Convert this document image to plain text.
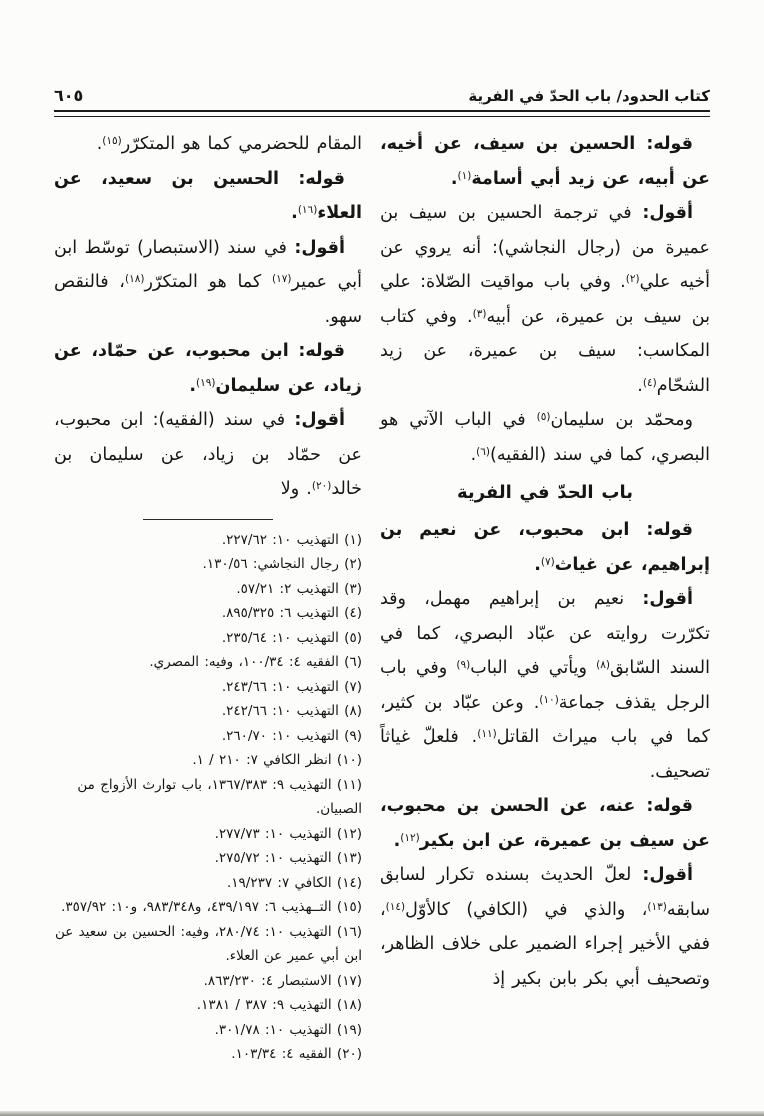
كتاب الحدود/ باب الحدّ في الفرية
٦٠٥

قوله: الحسين بن سيف، عن أخيه، عن أبيه، عن زيد أبي أسامة$^{(١)}$.

أقول: في ترجمة الحسين بن سيف بن عميرة من (رجال النجاشي): أنه يروي عن أخيه علي$^{(٢)}$. وفي باب مواقيت الصّلاة: علي بن سيف بن عميرة، عن أبيه$^{(٣)}$. وفي كتاب المكاسب: سيف بن عميرة، عن زيد الشحّام$^{(٤)}$.

ومحمّد بن سليمان$^{(٥)}$ في الباب الآتي هو البصري، كما في سند (الفقيه)$^{(٦)}$.

باب الحدّ في الفرية

قوله: ابن محبوب، عن نعيم بن إبراهيم، عن غياث$^{(٧)}$.

أقول: نعيم بن إبراهيم مهمل، وقد تكرّرت روايته عن عبّاد البصري، كما في السند السّابق$^{(٨)}$ ويأتي في الباب$^{(٩)}$ وفي باب الرجل يقذف جماعة$^{(١٠)}$. وعن عبّاد بن كثير، كما في باب ميراث القاتل$^{(١١)}$. فلعلّ غياثاً تصحيف.

قوله: عنه، عن الحسن بن محبوب، عن سيف بن عميرة، عن ابن بكير$^{(١٢)}$.

أقول: لعلّ الحديث بسنده تكرار لسابق سابقه$^{(١٣)}$، والذي في (الكافي) كالأوّل$^{(١٤)}$، ففي الأخير إجراء الضمير على خلاف الظاهر، وتصحيف أبي بكر بابن بكير إذ

المقام للحضرمي كما هو المتكرّر$^{(١٥)}$.

قوله: الحسين بن سعيد، عن العلاء$^{(١٦)}$.

أقول: في سند (الاستبصار) توسّط ابن أبي عمير$^{(١٧)}$ كما هو المتكرّر$^{(١٨)}$، فالنقص سهو.

قوله: ابن محبوب، عن حمّاد، عن زياد، عن سليمان$^{(١٩)}$.

أقول: في سند (الفقيه): ابن محبوب، عن حمّاد بن زياد، عن سليمان بن خالد$^{(٢٠)}$. ولا

(١) التهذيب ١٠: ٢٢٧/٦٢.

(٢) رجال النجاشي: ١٣٠/٥٦.

(٣) التهذيب ٢: ٥٧/٢١.

(٤) التهذيب ٦: ٨٩٥/٣٢٥.

(٥) التهذيب ١٠: ٢٣٥/٦٤.

(٦) الفقيه ٤: ١٠٠/٣٤، وفيه: المصري.

(٧) التهذيب ١٠: ٢٤٣/٦٦.

(٨) التهذيب ١٠: ٢٤٢/٦٦.

(٩) التهذيب ١٠: ٢٦٠/٧٠.

(١٠) انظر الكافي ٧: ٢١٠ / ١.

(١١) التهذيب ٩: ١٣٦٧/٣٨٣، باب توارث الأزواج من الصبيان.

(١٢) التهذيب ١٠: ٢٧٧/٧٣.

(١٣) التهذيب ١٠: ٢٧٥/٧٢.

(١٤) الكافي ٧: ١٩/٢٣٧.

(١٥) التــهذيب ٦: ٤٣٩/١٩٧، و٩٨٣/٣٤٨، و١٠: ٣٥٧/٩٢.

(١٦) التهذيب ١٠: ٢٨٠/٧٤، وفيه: الحسين بن سعيد عن ابن أبي عمير عن العلاء.

(١٧) الاستبصار ٤: ٨٦٣/٢٣٠.

(١٨) التهذيب ٩: ٣٨٧ / ١٣٨١.

(١٩) التهذيب ١٠: ٣٠١/٧٨.

(٢٠) الفقيه ٤: ١٠٣/٣٤.
